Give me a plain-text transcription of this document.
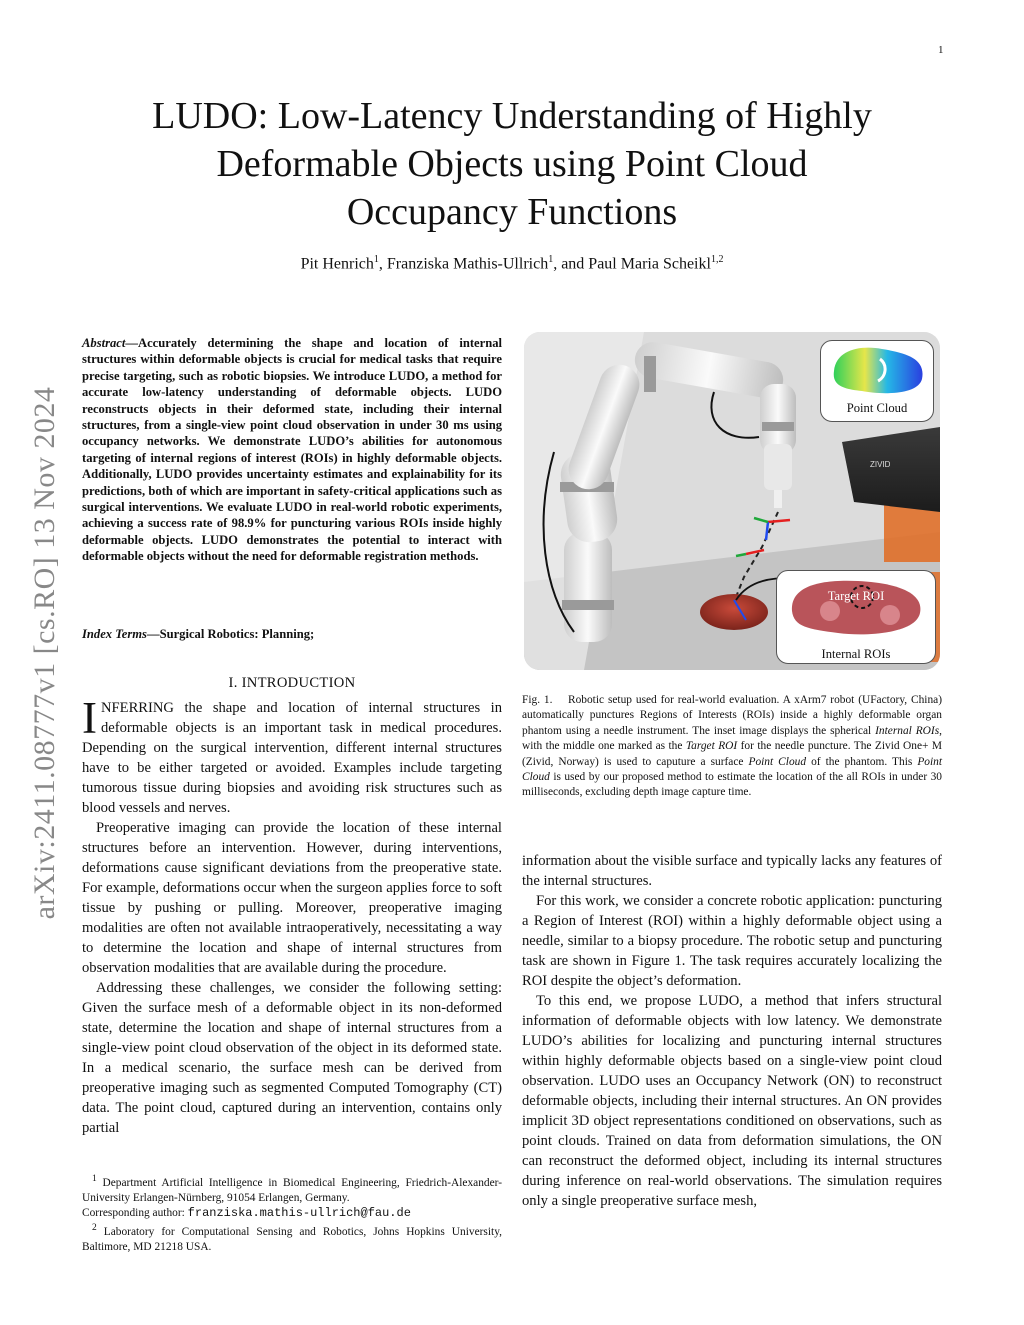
1
arXiv:2411.08777v1 [cs.RO] 13 Nov 2024
LUDO: Low-Latency Understanding of Highly
Deformable Objects using Point Cloud
Occupancy Functions
Pit Henrich$^1$, Franziska Mathis-Ullrich$^1$, and Paul Maria Scheikl$^{1,2}$
Abstract—Accurately determining the shape and location of internal structures within deformable objects is crucial for medical tasks that require precise targeting, such as robotic biopsies. We introduce LUDO, a method for accurate low-latency understanding of deformable objects. LUDO reconstructs objects in their deformed state, including their internal structures, from a single-view point cloud observation in under 30 ms using occupancy networks. We demonstrate LUDO’s abilities for autonomous targeting of internal regions of interest (ROIs) in highly deformable objects. Additionally, LUDO provides uncertainty estimates and explainability for its predictions, both of which are important in safety-critical applications such as surgical interventions. We evaluate LUDO in real-world robotic experiments, achieving a success rate of 98.9% for puncturing various ROIs inside highly deformable objects. LUDO demonstrates the potential to interact with deformable objects without the need for deformable registration methods.
Index Terms—Surgical Robotics: Planning;
I. INTRODUCTION

INFERRING the shape and location of internal structures in deformable objects is an important task in medical procedures. Depending on the surgical intervention, different internal structures have to be either targeted or avoided. Examples include targeting tumorous tissue during biopsies and avoiding risk structures such as blood vessels and nerves.

Preoperative imaging can provide the location of these internal structures before an intervention. However, during interventions, deformations cause significant deviations from the preoperative state. For example, deformations occur when the surgeon applies force to soft tissue by pushing or pulling. Moreover, preoperative imaging modalities are often not available intraoperatively, necessitating a way to determine the location and shape of internal structures from observation modalities that are available during the procedure.

Addressing these challenges, we consider the following setting: Given the surface mesh of a deformable object in its non-deformed state, determine the location and shape of internal structures from a single-view point cloud observation of the object in its deformed state. In a medical scenario, the surface mesh can be derived from preoperative imaging such as segmented Computed Tomography (CT) data. The point cloud, captured during an intervention, contains only partial

$^1$ Department Artificial Intelligence in Biomedical Engineering, Friedrich-Alexander-University Erlangen-Nürnberg, 91054 Erlangen, Germany.

Corresponding author: franziska.mathis-ullrich@fau.de

$^2$ Laboratory for Computational Sensing and Robotics, Johns Hopkins University, Baltimore, MD 21218 USA.

ZIVID
Point Cloud
Target ROI
Internal ROIs
Fig. 1. Robotic setup used for real-world evaluation. A xArm7 robot (UFactory, China) automatically punctures Regions of Interests (ROIs) inside a highly deformable organ phantom using a needle instrument. The inset image displays the spherical Internal ROIs, with the middle one marked as the Target ROI for the needle puncture. The Zivid One+ M (Zivid, Norway) is used to caputure a surface Point Cloud of the phantom. This Point Cloud is used by our proposed method to estimate the location of the all ROIs in under 30 milliseconds, excluding depth image capture time.

information about the visible surface and typically lacks any features of the internal structures.

For this work, we consider a concrete robotic application: puncturing a Region of Interest (ROI) within a highly deformable object using a needle, similar to a biopsy procedure. The robotic setup and puncturing task are shown in Figure 1. The task requires accurately localizing the ROI despite the object’s deformation.

To this end, we propose LUDO, a method that infers structural information of deformable objects with low latency. We demonstrate LUDO’s abilities for localizing and puncturing internal structures within highly deformable objects based on a single-view point cloud observation. LUDO uses an Occupancy Network (ON) to reconstruct deformable objects, including their internal structures. An ON provides implicit 3D object representations conditioned on observations, such as point clouds. Trained on data from deformation simulations, the ON can reconstruct the deformed object, including its internal structures during inference on real-world observations. The simulation requires only a single preoperative surface mesh,
